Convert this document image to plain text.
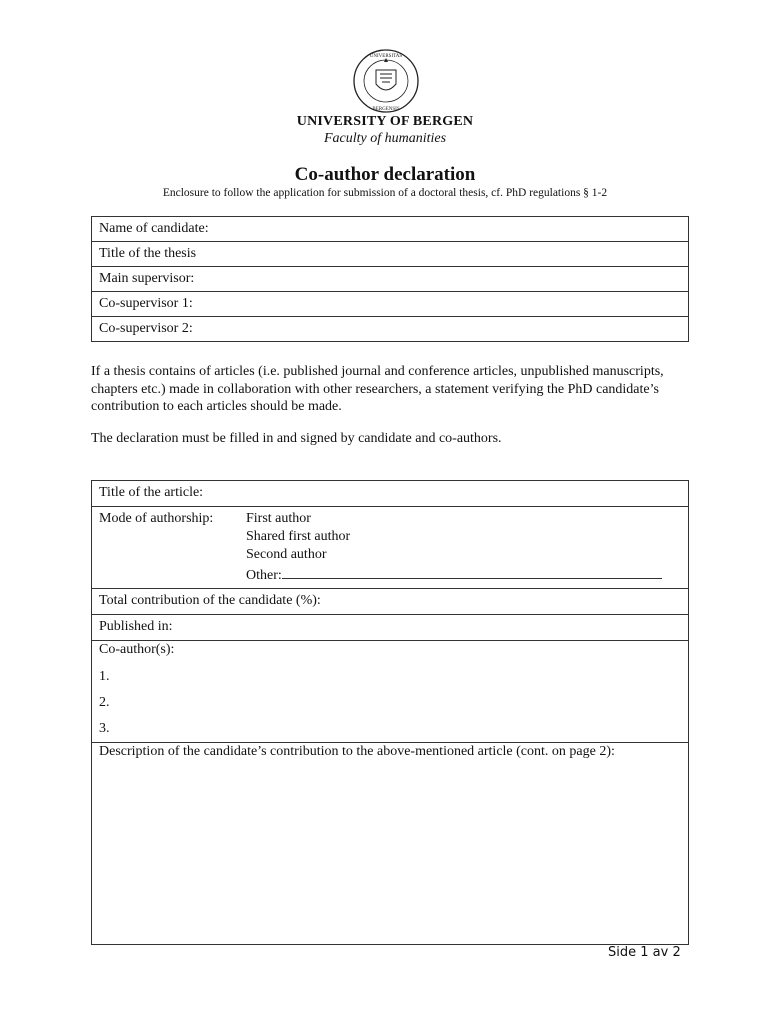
UNIVERSITAS
BERGENSIS
UNIVERSITY OF BERGEN
Faculty of humanities
Co-author declaration
Enclosure to follow the application for submission of a doctoral thesis, cf. PhD regulations § 1-2
Name of candidate:
Title of the thesis
Main supervisor:
Co-supervisor 1:
Co-supervisor 2:
If a thesis contains of articles (i.e. published journal and conference articles, unpublished manuscripts, chapters etc.) made in collaboration with other researchers, a statement verifying the PhD candidate’s contribution to each articles should be made.
The declaration must be filled in and signed by candidate and co-authors.
Title of the article:

Mode of authorship:	First author
Shared first author
Second author
Other:

Total contribution of the candidate (%):
Published in:

Co-author(s):
1.
2.
3.

Description of the candidate’s contribution to the above-mentioned article (cont. on page 2):
Side 1 av 2
